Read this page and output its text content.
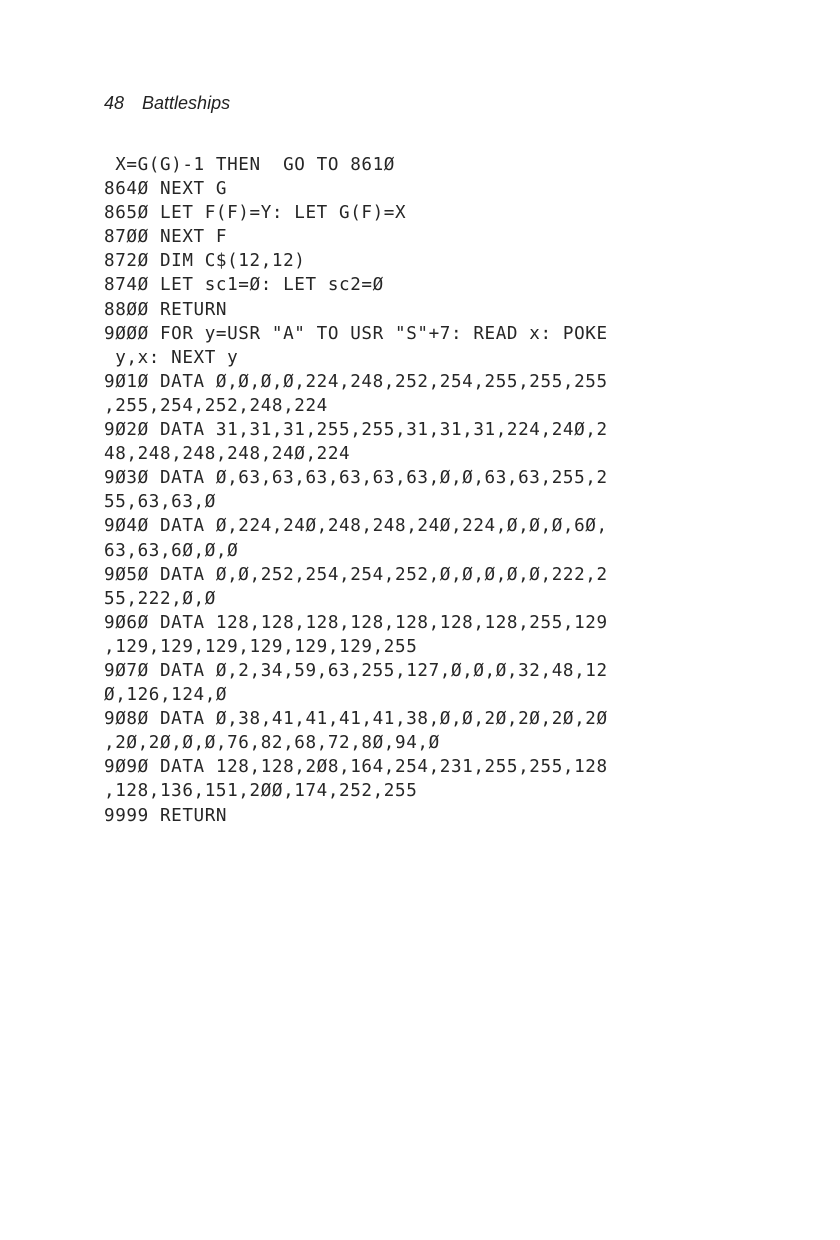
48 Battleships
X=G(G)-1 THEN  GO TO 861Ø
864Ø NEXT G
865Ø LET F(F)=Y: LET G(F)=X
87ØØ NEXT F
872Ø DIM C$(12,12)
874Ø LET sc1=Ø: LET sc2=Ø
88ØØ RETURN
9ØØØ FOR y=USR "A" TO USR "S"+7: READ x: POKE
y,x: NEXT y
9Ø1Ø DATA Ø,Ø,Ø,Ø,224,248,252,254,255,255,255
,255,254,252,248,224
9Ø2Ø DATA 31,31,31,255,255,31,31,31,224,24Ø,2
48,248,248,248,24Ø,224
9Ø3Ø DATA Ø,63,63,63,63,63,63,Ø,Ø,63,63,255,2
55,63,63,Ø
9Ø4Ø DATA Ø,224,24Ø,248,248,24Ø,224,Ø,Ø,Ø,6Ø,
63,63,6Ø,Ø,Ø
9Ø5Ø DATA Ø,Ø,252,254,254,252,Ø,Ø,Ø,Ø,Ø,222,2
55,222,Ø,Ø
9Ø6Ø DATA 128,128,128,128,128,128,128,255,129
,129,129,129,129,129,129,255
9Ø7Ø DATA Ø,2,34,59,63,255,127,Ø,Ø,Ø,32,48,12
Ø,126,124,Ø
9Ø8Ø DATA Ø,38,41,41,41,41,38,Ø,Ø,2Ø,2Ø,2Ø,2Ø
,2Ø,2Ø,Ø,Ø,76,82,68,72,8Ø,94,Ø
9Ø9Ø DATA 128,128,2Ø8,164,254,231,255,255,128
,128,136,151,2ØØ,174,252,255
9999 RETURN
